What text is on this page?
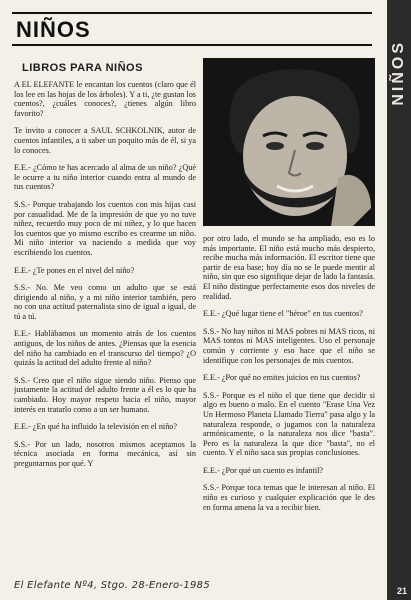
NIÑOS
NIÑOS
LIBROS PARA NIÑOS

A EL ELEFANTE le encantan los cuentos (claro que él los lee en las hojas de los árboles). Y a ti, ¿te gustan los cuentos?, ¿cuáles conoces?, ¿tienes algún libro favorito?

Te invito a conocer a SAUL SCHKOLNIK, autor de cuentos infantiles, a ti saber un poquito más de él, si ya lo conoces.

E.E.- ¿Cómo te has acercado al alma de un niño? ¿Qué le ocurre a tu niño interior cuando entra al mundo de tus cuentos?

S.S.- Porque trabajando los cuentos con mis hijas casi por casualidad. Me de la impresión de que yo no tuve niñez, recuerdo muy poco de mi niñez, y lo que hacen los cuentos que yo mismo escribo es crearme un niño. Mi niño interior va naciendo a medida que voy escribiendo los cuentos.

E.E.- ¿Te pones en el nivel del niño?

S.S.- No. Me veo como un adulto que se está dirigiendo al niño, y a mi niño interior también, pero no con una actitud paternalista sino de igual a igual, de tú a tú.

E.E.- Hablábamos un momento atrás de los cuentos antiguos, de los niños de antes. ¿Piensas que la esencia del niño ha cambiado en el transcurso del tiempo? ¿O quizás la actitud del adulto frente al niño?

S.S.- Creo que el niño sigue siendo niño. Pienso que justamente la actitud del adulto frente a él es lo que ha cambiado. Hoy mayor respeto hacia el niño, mayor interés en tratarlo como a un ser humano.

E.E.- ¿En qué ha influido la televisión en el niño?

S.S.- Por un lado, nosotros mismos aceptamos la técnica asociada en forma mecánica, así sin preguntarnos por qué. Y

por otro lado, el mundo se ha ampliado, eso es lo más importante. El niño está mucho más despierto, recibe mucha más información. El escritor tiene que partir de esa base; hoy día no se le puede mentir al niño, sin que eso signifique dejar de lado la fantasía. El niño distingue perfectamente esos dos niveles de realidad.

E.E.- ¿Qué lugar tiene el "héroe" en tus cuentos?

S.S.- No hay niños ni MAS pobres ni MAS ricos, ni MAS tontos ni MAS inteligentes. Uso el personaje común y corriente y eso hace que el niño se identifique con los personajes de mis cuentos.

E.E.- ¿Por qué no emites juicios en tus cuentos?

S.S.- Porque es el niño el que tiene que decidir si algo es bueno o malo. En el cuento "Erase Una Vez Un Hermoso Planeta Llamado Tierra" pasa algo y la naturaleza responde, o jugamos con la naturaleza armónicamente, o la naturaleza nos dice "basta". Pero es la naturaleza la que dice "basta", no el cuento. Y el niño saca sus propias conclusiones.

E.E.- ¿Por qué un cuento es infantil?

S.S.- Porque toca temas que le interesan al niño. El niño es curioso y cualquier explicación que le des en forma amena la va a recibir bien.

El Elefante Nº4, Stgo. 28-Enero-1985	21
